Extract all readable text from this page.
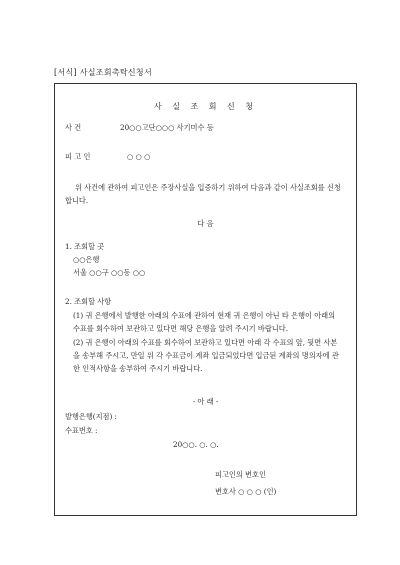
[서식] 사실조회촉탁신청서
사 실 조 회 신 청
사 건	20○○고단○○○ 사기미수 등
피 고 인	○ ○ ○
위 사건에 관하여 피고인은 주장사실을 입증하기 위하여 다음과 같이 사실조회를 신청합니다.
다 음
1. 조회할 곳
○○은행
서울 ○○구 ○○동 ○○
2. 조회할 사항
(1) 귀 은행에서 발행한 아래의 수표에 관하여 현재 귀 은행이 아닌 타 은행이 아래의 수표를 회수하여 보관하고 있다면 해당 은행을 알려 주시기 바랍니다.
(2) 귀 은행이 아래의 수표를 회수하여 보관하고 있다면 아래 각 수표의 앞, 뒷면 사본을 송부해 주시고, 만일 위 각 수표금이 계좌 입금되었다면 입금된 계좌의 명의자에 관한 인적사항을 송부하여 주시기 바랍니다.
- 아 래 -
발행은행(지점) :
수표번호 :
20○○. ○. ○.
피고인의 변호인
변호사 ○ ○ ○ (인)
